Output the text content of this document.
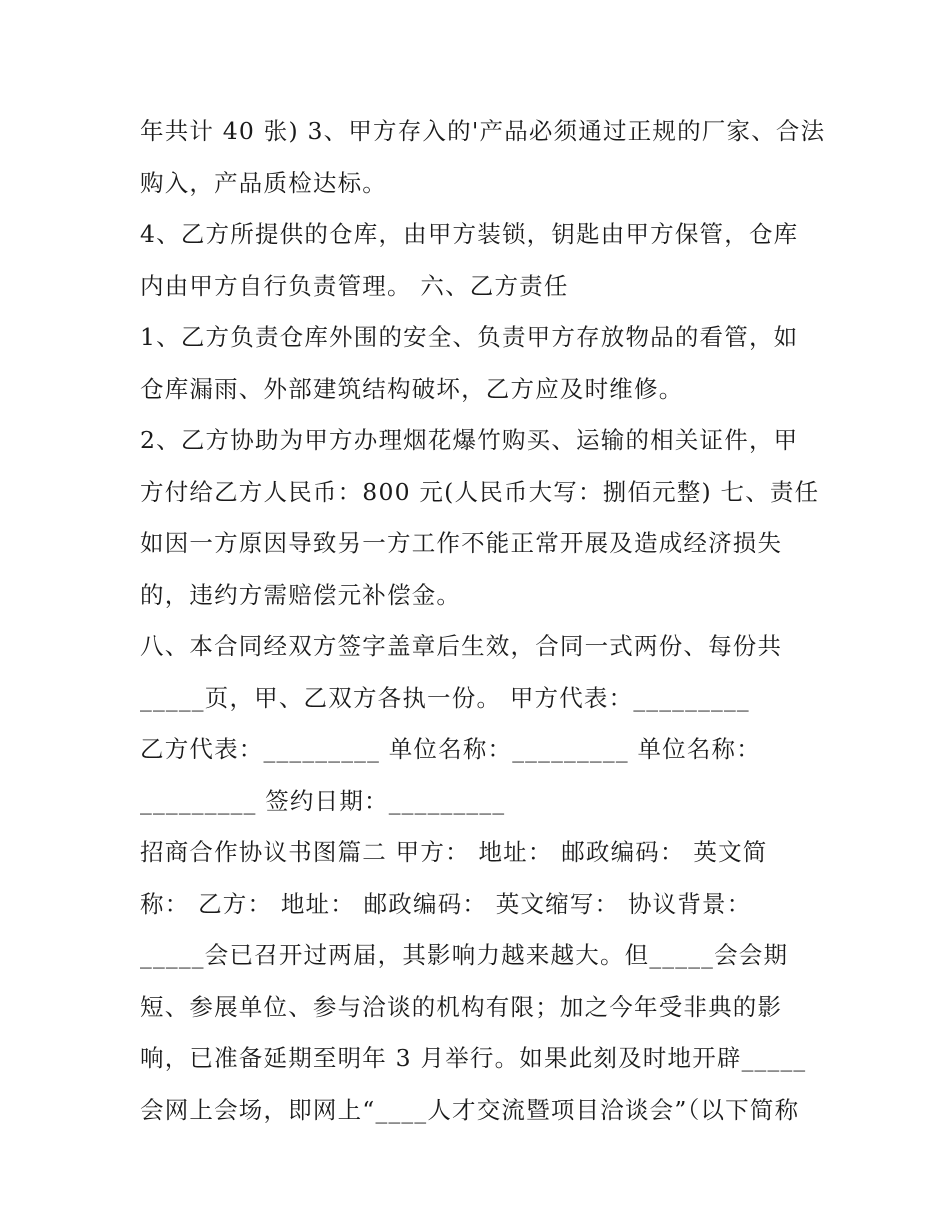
年共计 40 张) 3、甲方存入的'产品必须通过正规的厂家、合法
购入，产品质检达标。
4、乙方所提供的仓库，由甲方装锁，钥匙由甲方保管，仓库
内由甲方自行负责管理。 六、乙方责任
1、乙方负责仓库外围的安全、负责甲方存放物品的看管，如
仓库漏雨、外部建筑结构破坏，乙方应及时维修。
2、乙方协助为甲方办理烟花爆竹购买、运输的相关证件，甲
方付给乙方人民币：800 元(人民币大写：捌佰元整) 七、责任
如因一方原因导致另一方工作不能正常开展及造成经济损失
的，违约方需赔偿元补偿金。
八、本合同经双方签字盖章后生效，合同一式两份、每份共
_____页，甲、乙双方各执一份。 甲方代表：_________
乙方代表：_________ 单位名称：_________ 单位名称：
_________ 签约日期：_________
招商合作协议书图篇二 甲方： 地址： 邮政编码： 英文简
称： 乙方： 地址： 邮政编码： 英文缩写： 协议背景：
_____会已召开过两届，其影响力越来越大。但_____会会期
短、参展单位、参与洽谈的机构有限；加之今年受非典的影
响，已准备延期至明年 3 月举行。如果此刻及时地开辟_____
会网上会场，即网上“____人才交流暨项目洽谈会”（以下简称
